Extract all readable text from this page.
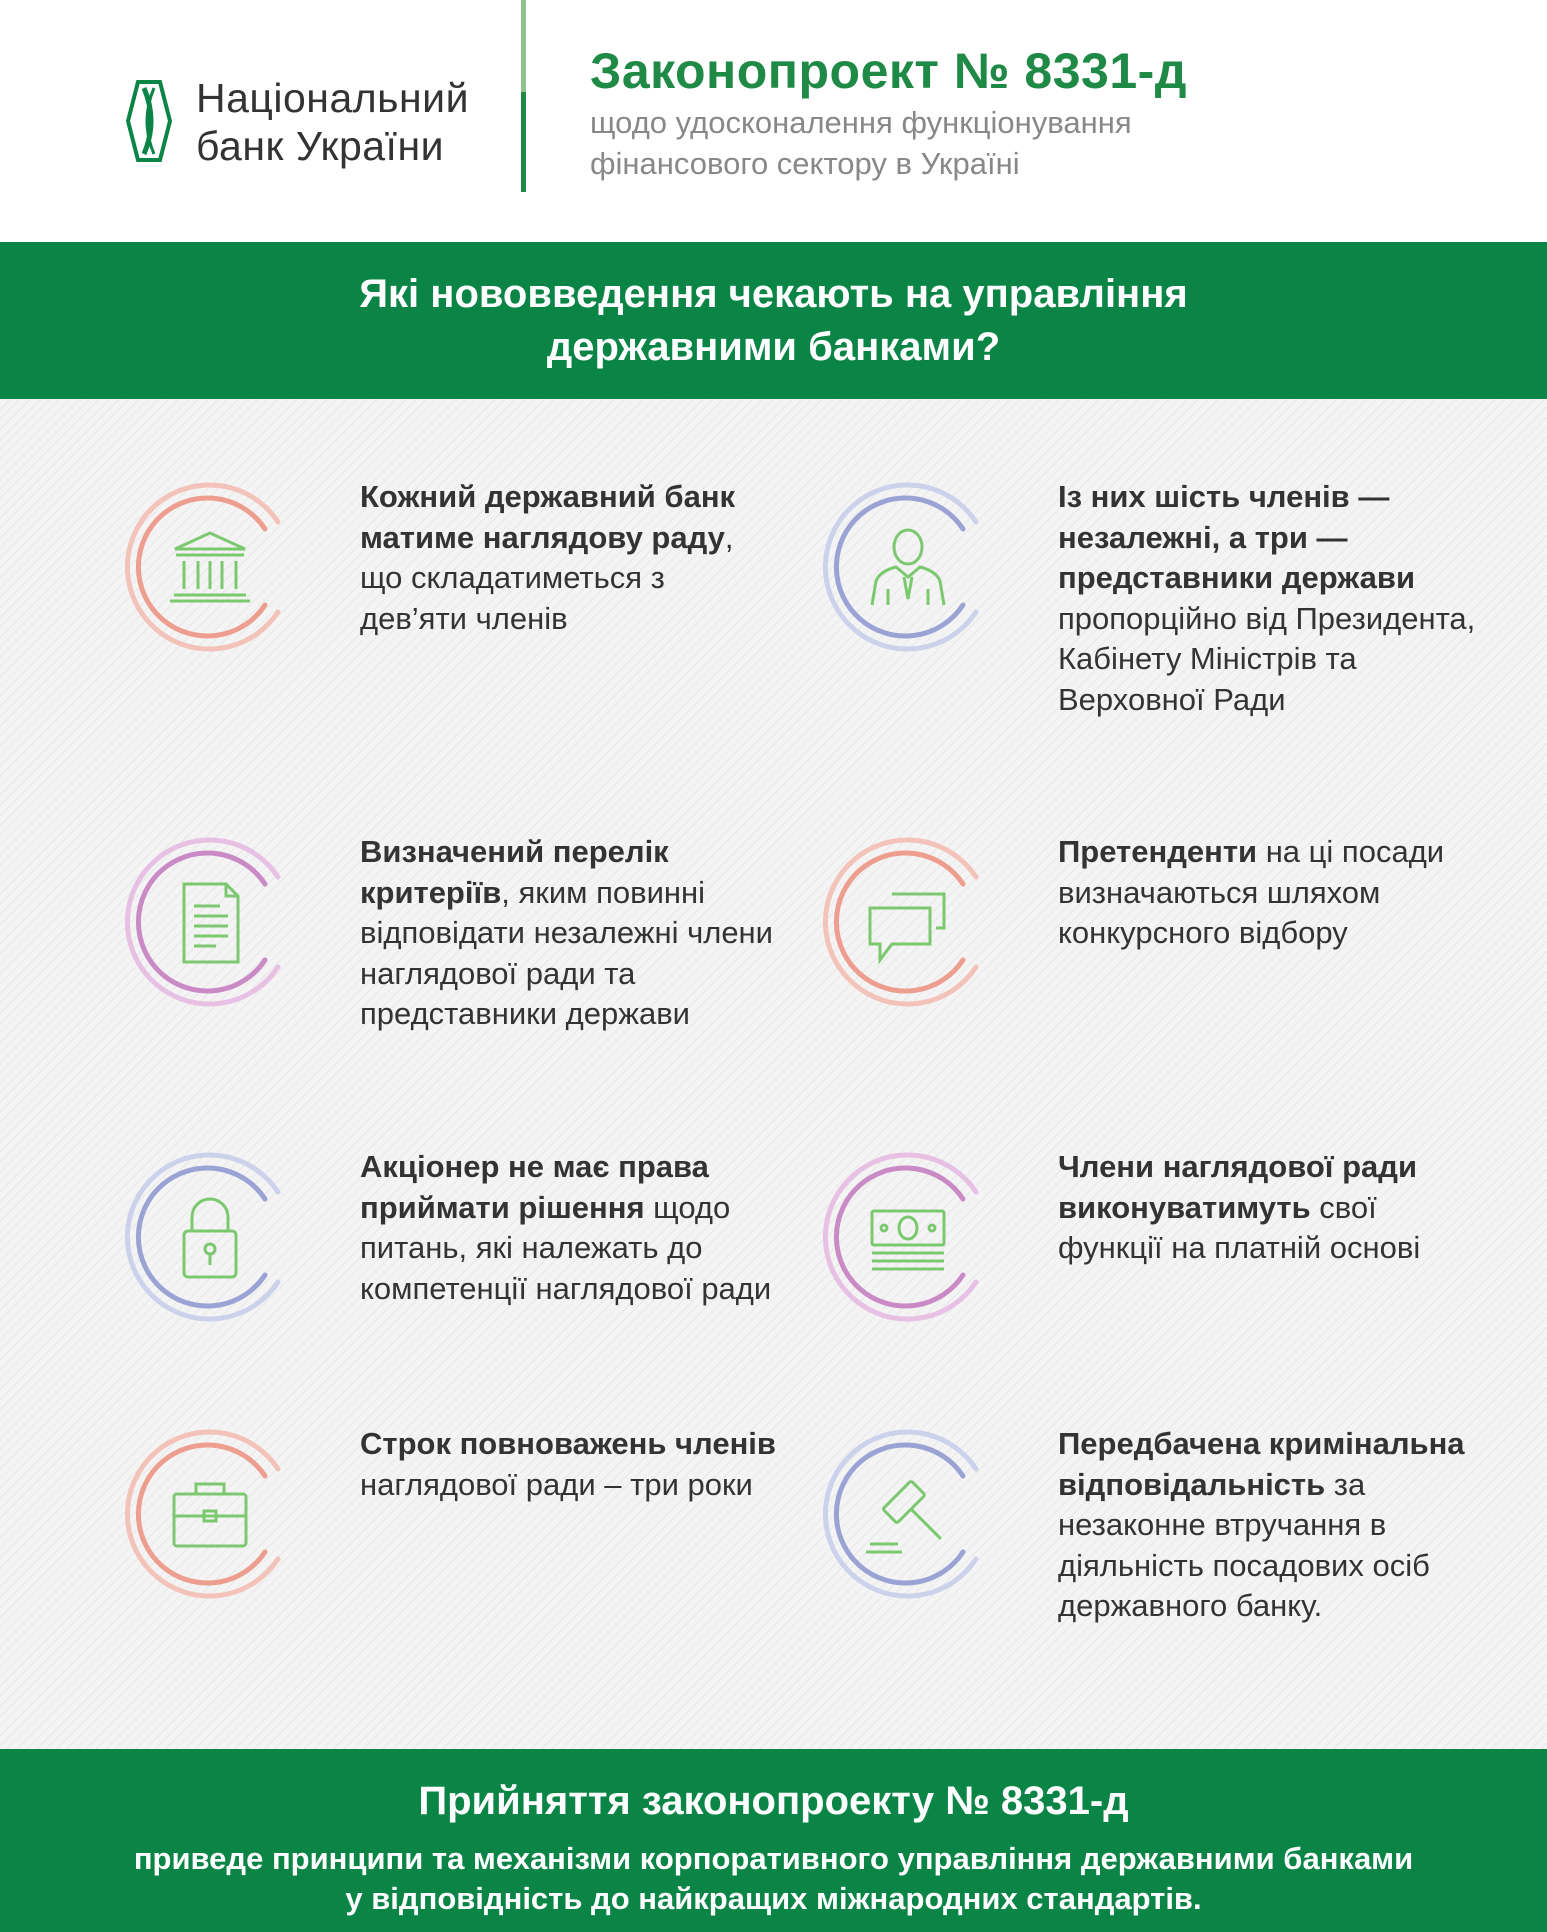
Національний
банк України
Законопроект № 8331-д
щодо удосконалення функціонування
фінансового сектору в Україні
Які нововведення чекають на управління
державними банками?
Кожний державний банк матиме наглядову раду, що складатиметься з дев’яти членів
Із них шість членів — незалежні, а три — представники держави пропорційно від Президента, Кабінету Міністрів та Верховної Ради
Визначений перелік критеріїв, яким повинні відповідати незалежні члени наглядової ради та представники держави
Претенденти на ці посади визначаються шляхом конкурсного відбору
Акціонер не має права приймати рішення щодо питань, які належать до компетенції наглядової ради
Члени наглядової ради виконуватимуть свої функції на платній основі
Строк повноважень членів наглядової ради – три роки
Передбачена кримінальна відповідальність за незаконне втручання в діяльність посадових осіб державного банку.
Прийняття законопроекту № 8331-д
приведе принципи та механізми корпоративного управління державними банками
у відповідність до найкращих міжнародних стандартів.
